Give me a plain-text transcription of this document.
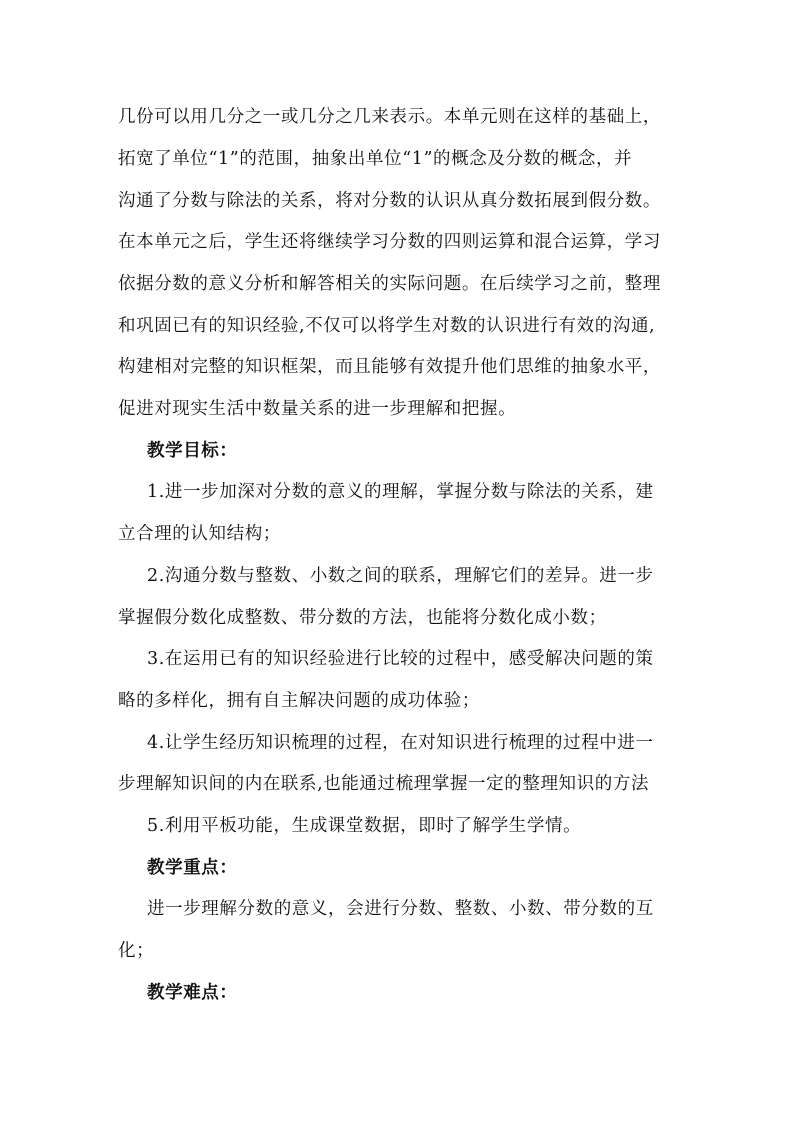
几份可以用几分之一或几分之几来表示。本单元则在这样的基础上，
拓宽了单位“1”的范围，抽象出单位“1”的概念及分数的概念，并
沟通了分数与除法的关系，将对分数的认识从真分数拓展到假分数。
在本单元之后，学生还将继续学习分数的四则运算和混合运算，学习
依据分数的意义分析和解答相关的实际问题。在后续学习之前，整理
和巩固已有的知识经验,不仅可以将学生对数的认识进行有效的沟通,
构建相对完整的知识框架，而且能够有效提升他们思维的抽象水平，
促进对现实生活中数量关系的进一步理解和把握。
教学目标：
1.进一步加深对分数的意义的理解，掌握分数与除法的关系，建
立合理的认知结构；
2.沟通分数与整数、小数之间的联系，理解它们的差异。进一步
掌握假分数化成整数、带分数的方法，也能将分数化成小数；
3.在运用已有的知识经验进行比较的过程中，感受解决问题的策
略的多样化，拥有自主解决问题的成功体验；
4.让学生经历知识梳理的过程，在对知识进行梳理的过程中进一
步理解知识间的内在联系,也能通过梳理掌握一定的整理知识的方法
5.利用平板功能，生成课堂数据，即时了解学生学情。
教学重点：
进一步理解分数的意义，会进行分数、整数、小数、带分数的互
化；
教学难点：
